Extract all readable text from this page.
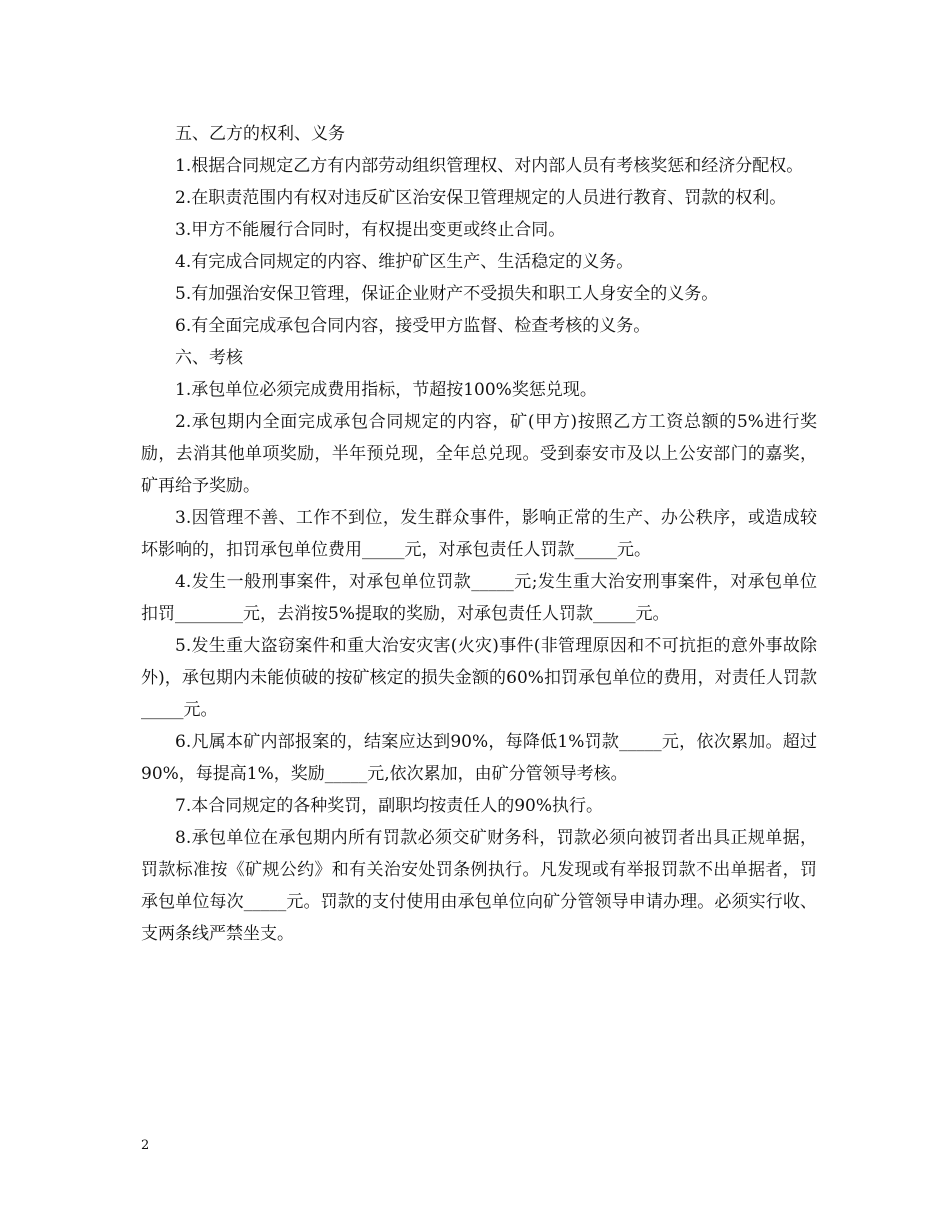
五、乙方的权利、义务

1.根据合同规定乙方有内部劳动组织管理权、对内部人员有考核奖惩和经济分配权。

2.在职责范围内有权对违反矿区治安保卫管理规定的人员进行教育、罚款的权利。

3.甲方不能履行合同时，有权提出变更或终止合同。

4.有完成合同规定的内容、维护矿区生产、生活稳定的义务。

5.有加强治安保卫管理，保证企业财产不受损失和职工人身安全的义务。

6.有全面完成承包合同内容，接受甲方监督、检查考核的义务。

六、考核

1.承包单位必须完成费用指标，节超按100%奖惩兑现。

2.承包期内全面完成承包合同规定的内容，矿(甲方)按照乙方工资总额的5%进行奖励，去消其他单项奖励，半年预兑现，全年总兑现。受到泰安市及以上公安部门的嘉奖，矿再给予奖励。

3.因管理不善、工作不到位，发生群众事件，影响正常的生产、办公秩序，或造成较坏影响的，扣罚承包单位费用_____元，对承包责任人罚款_____元。

4.发生一般刑事案件，对承包单位罚款_____元;发生重大治安刑事案件，对承包单位扣罚________元，去消按5%提取的奖励，对承包责任人罚款_____元。

5.发生重大盗窃案件和重大治安灾害(火灾)事件(非管理原因和不可抗拒的意外事故除外)，承包期内未能侦破的按矿核定的损失金额的60%扣罚承包单位的费用，对责任人罚款_____元。

6.凡属本矿内部报案的，结案应达到90%，每降低1%罚款_____元，依次累加。超过90%，每提高1%，奖励_____元,依次累加，由矿分管领导考核。

7.本合同规定的各种奖罚，副职均按责任人的90%执行。

8.承包单位在承包期内所有罚款必须交矿财务科，罚款必须向被罚者出具正规单据，罚款标准按《矿规公约》和有关治安处罚条例执行。凡发现或有举报罚款不出单据者，罚承包单位每次_____元。罚款的支付使用由承包单位向矿分管领导申请办理。必须实行收、支两条线严禁坐支。

2
